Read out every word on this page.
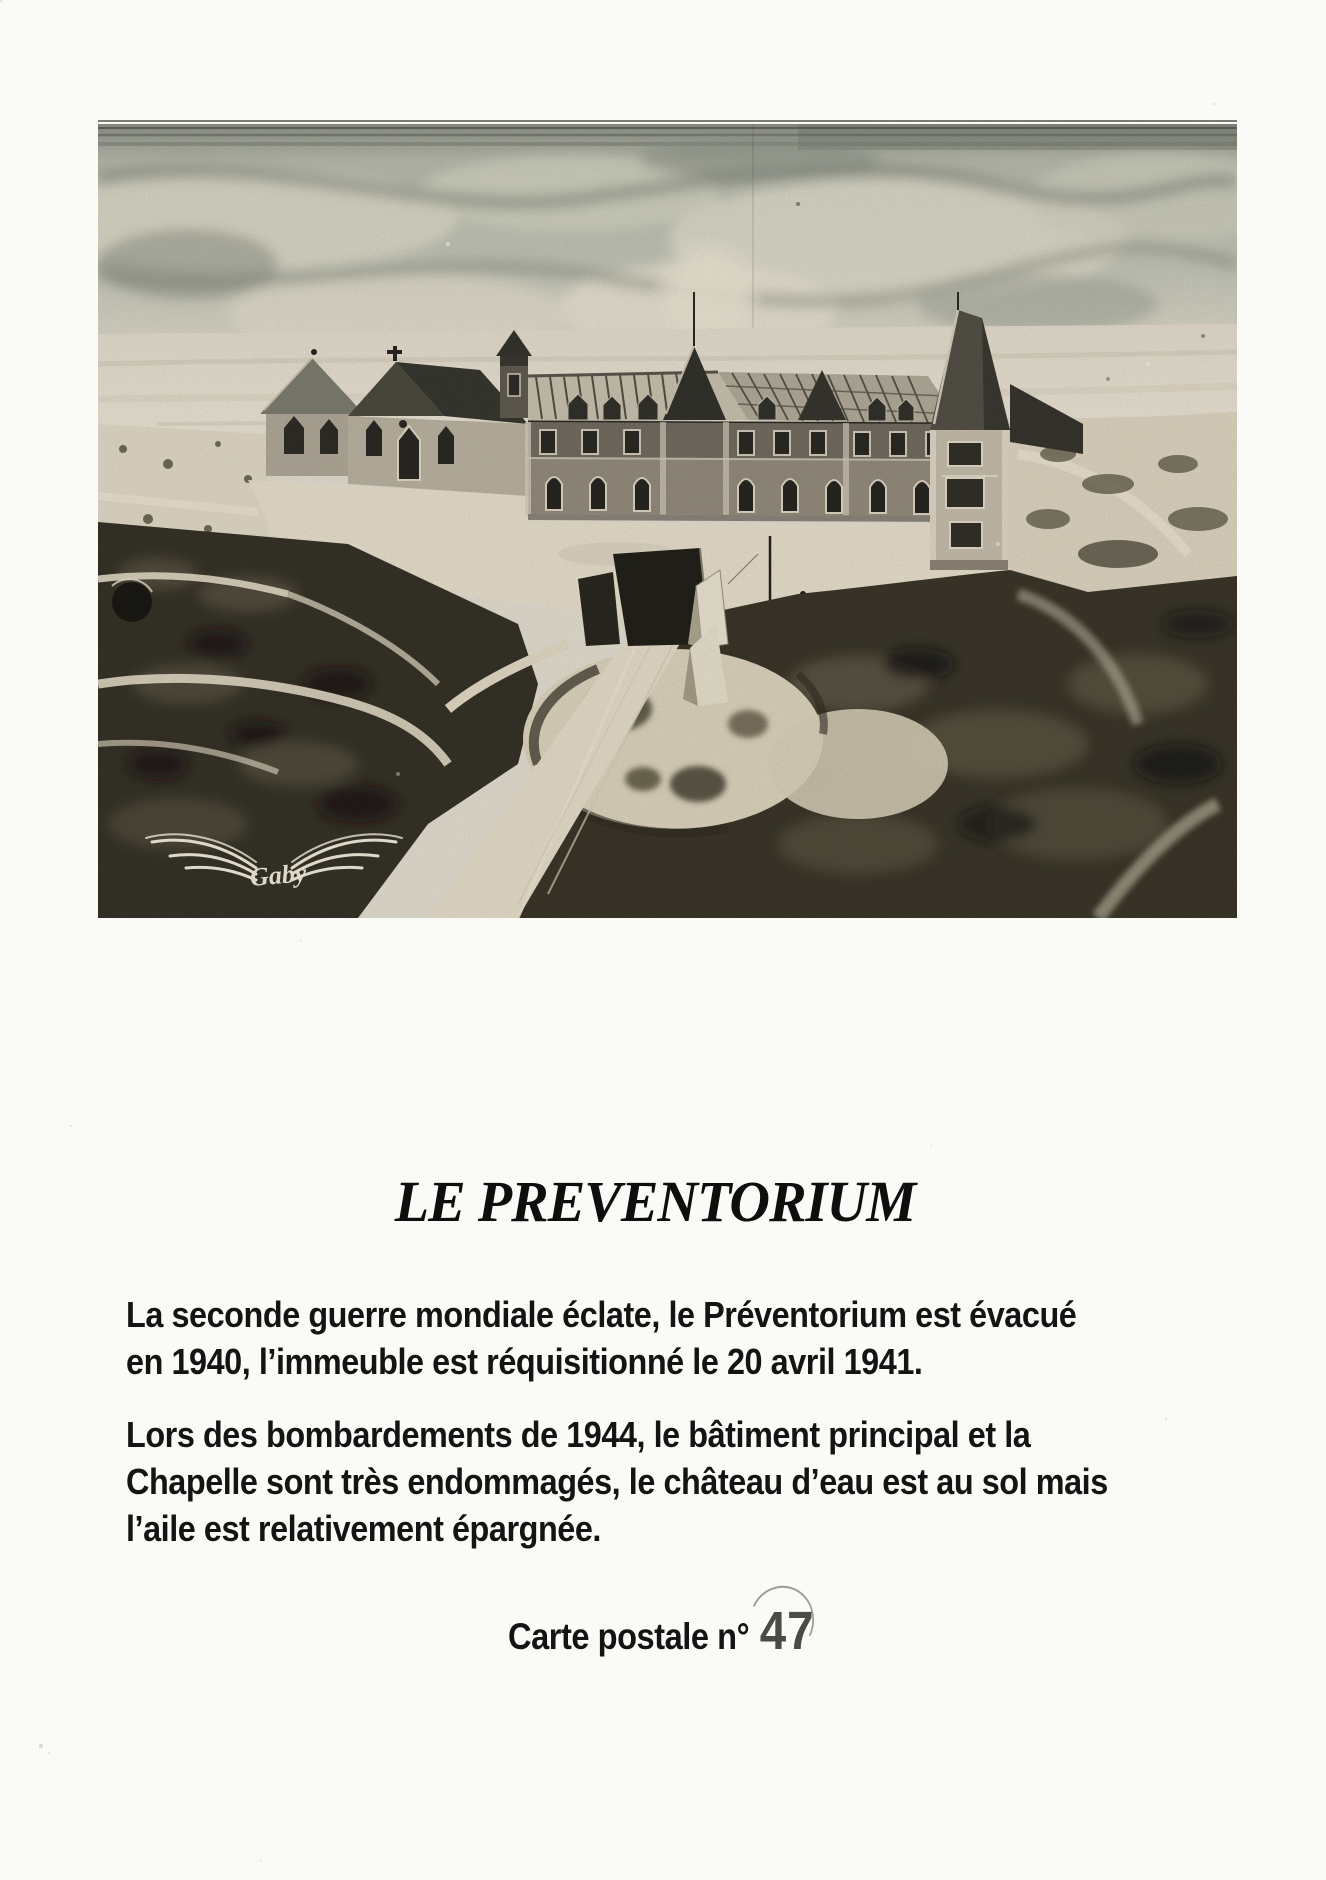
Gaby
LE PREVENTORIUM
La seconde guerre mondiale éclate, le Préventorium est évacué
en 1940, l’immeuble est réquisitionné le 20 avril 1941.
Lors des bombardements de 1944, le bâtiment principal et la
Chapelle sont très endommagés, le château d’eau est au sol mais
l’aile est relativement épargnée.
Carte postale n° 47
